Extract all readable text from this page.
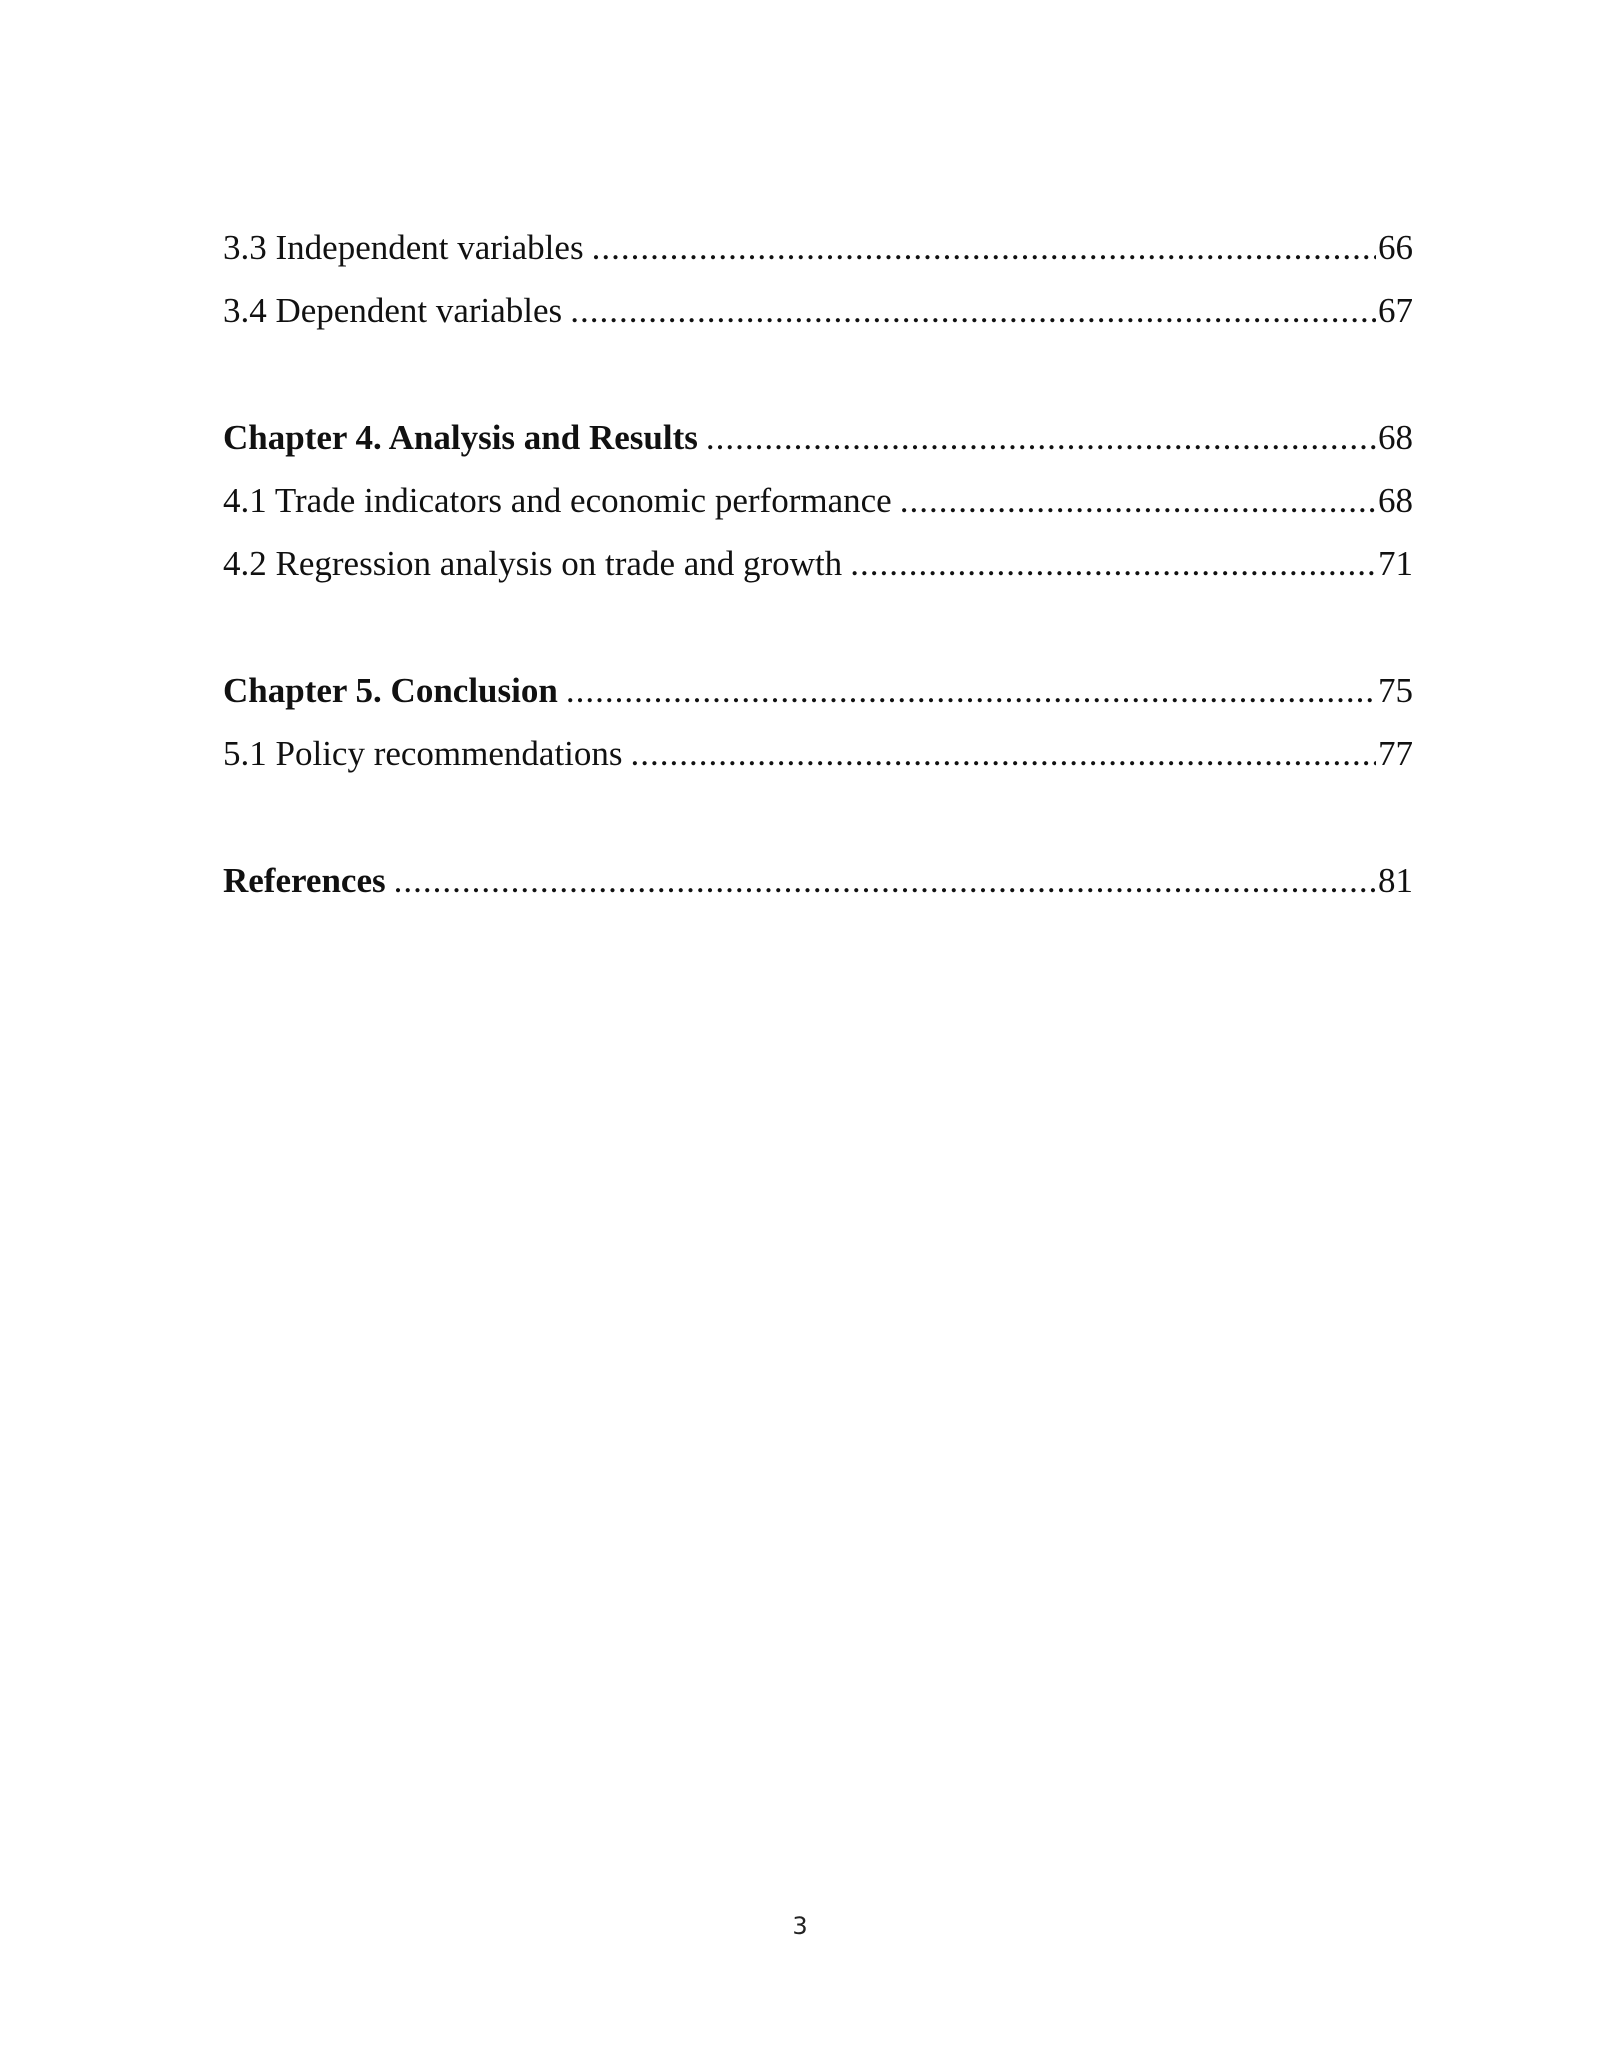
3.3 Independent variables .....	66
3.4 Dependent variables .....	67
Chapter 4. Analysis and Results .....	68
4.1 Trade indicators and economic performance .....	68
4.2 Regression analysis on trade and growth .....	71
Chapter 5. Conclusion .....	75
5.1 Policy recommendations .....	77
References .....	81
3
